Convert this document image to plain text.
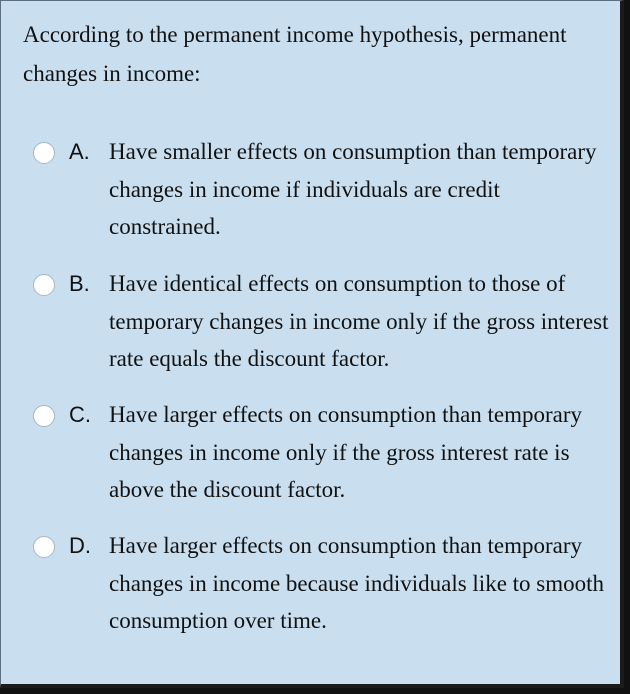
According to the permanent income hypothesis, permanent changes in income:
A. Have smaller effects on consumption than temporary changes in income if individuals are credit constrained.
B. Have identical effects on consumption to those of temporary changes in income only if the gross interest rate equals the discount factor.
C. Have larger effects on consumption than temporary changes in income only if the gross interest rate is above the discount factor.
D. Have larger effects on consumption than temporary changes in income because individuals like to smooth consumption over time.
